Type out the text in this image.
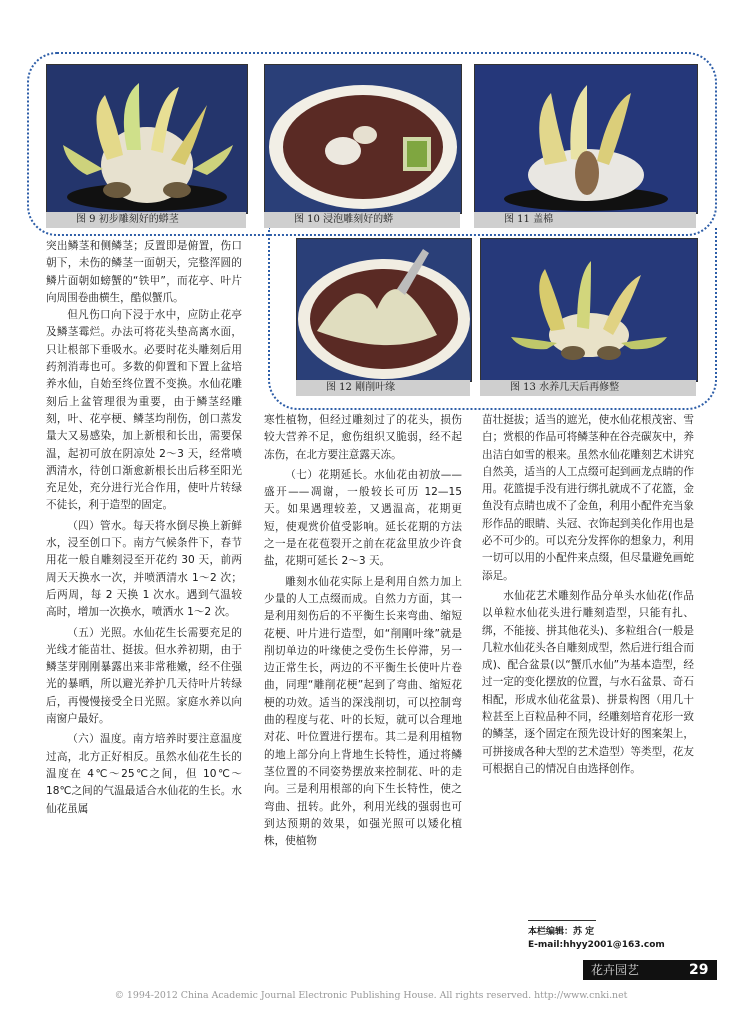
图 9 初步雕刻好的蟒茎	图 10 浸泡雕刻好的蟒	图 11 盖棉
图 12 剛削叶缘	图 13 水养几天后再修整

突出鳞茎和侧鳞茎；反置即是俯置，伤口朝下，未伤的鳞茎一面朝天，完整浑圆的鳞片面朝如螃蟹的“铁甲”，而花亭、叶片向周围卷曲横生，酷似蟹爪。

但凡伤口向下浸于水中，应防止花亭及鳞茎霉烂。办法可将花头垫高离水面，只让根部下垂吸水。必要时花头雕刻后用药剂消毒也可。多数的仰置和下置上盆培养水仙，自始至终位置不变换。水仙花雕刻后上盆管理很为重要，由于鳞茎经雕刻，叶、花亭梗、鳞茎均削伤，创口蒸发量大又易感染，加上新根和长出，需要保温，起初可放在阴凉处 2～3 天，经常喷洒清水，待创口渐愈新根长出后移至阳光充足处，充分进行光合作用，使叶片转绿不徒长，利于造型的固定。

（四）管水。每天将水倒尽换上新鲜水，浸至创口下。南方气候条件下，春节用花一般自雕刻浸至开花约 30 天，前两周天天换水一次，并喷洒清水 1～2 次；后两周，每 2 天换 1 次水。遇到气温较高时，增加一次换水，喷洒水 1～2 次。

（五）光照。水仙花生长需要充足的光线才能苗壮、挺拔。但水养初期，由于鳞茎芽刚刚暴露出来非常稚嫩，经不住强光的暴晒，所以避光养护几天待叶片转绿后，再慢慢接受全日光照。家庭水养以向南窗户最好。

（六）温度。南方培养时要注意温度过高，北方正好相反。虽然水仙花生长的温度在 4℃～25℃之间，但 10℃～18℃之间的气温最适合水仙花的生长。水仙花虽属

寒性植物，但经过雕刻过了的花头，损伤较大营养不足，愈伤组织又脆弱，经不起冻伤，在北方要注意露天冻。

（七）花期延长。水仙花由初放——盛开——凋谢，一般较长可历 12—15 天。如果遇理较差，又遇温高，花期更短，使观赏价值受影响。延长花期的方法之一是在花苞裂开之前在花盆里放少许食盐，花期可延长 2～3 天。

雕刻水仙花实际上是利用自然力加上少量的人工点缀而成。自然力方面，其一是利用刻伤后的不平衡生长来弯曲、缩短花梗、叶片进行造型，如“削剛叶缘”就是削切单边的叶缘使之受伤生长停滞，另一边正常生长，两边的不平衡生长使叶片卷曲，同理“雕削花梗”起到了弯曲、缩短花梗的功效。适当的深浅削切，可以控制弯曲的程度与花、叶的长短，就可以合理地对花、叶位置进行摆布。其二是利用植物的地上部分向上背地生长特性，通过将鳞茎位置的不同姿势摆放来控制花、叶的走向。三是利用根部的向下生长特性，使之弯曲、扭转。此外，利用光线的强弱也可到达预期的效果，如强光照可以矮化植株，使植物

苗壮挺拔；适当的遮光，使水仙花根茂密、雪白；赏根的作品可将鳞茎种在谷壳碳灰中，养出洁白如雪的根来。虽然水仙花雕刻艺术讲究自然美，适当的人工点缀可起到画龙点睛的作用。花篮提手没有进行绑扎就成不了花篮，金鱼没有点睛也成不了金鱼，利用小配件充当象形作品的眼睛、头冠、衣饰起到美化作用也是必不可少的。可以充分发挥你的想象力，利用一切可以用的小配件来点缀，但尽量避免画蛇添足。

水仙花艺术雕刻作品分单头水仙花(作品以单粒水仙花头进行雕刻造型，只能有扎、绑，不能接、拼其他花头)、多粒组合(一般是几粒水仙花头各自雕刻成型，然后进行组合而成)、配合盆景(以“蟹爪水仙”为基本造型，经过一定的变化摆放的位置，与水石盆景、奇石相配，形成水仙花盆景)、拼景构图（用几十粒甚至上百粒品种不同，经雕刻培育花形一致的鳞茎，逐个固定在预先设计好的图案架上，可拼接成各种大型的艺术造型）等类型，花友可根据自己的情况自由选择创作。

本栏编辑：苏 定
E-mail:hhyy2001@163.com
花卉园艺	29
© 1994-2012 China Academic Journal Electronic Publishing House. All rights reserved. http://www.cnki.net
